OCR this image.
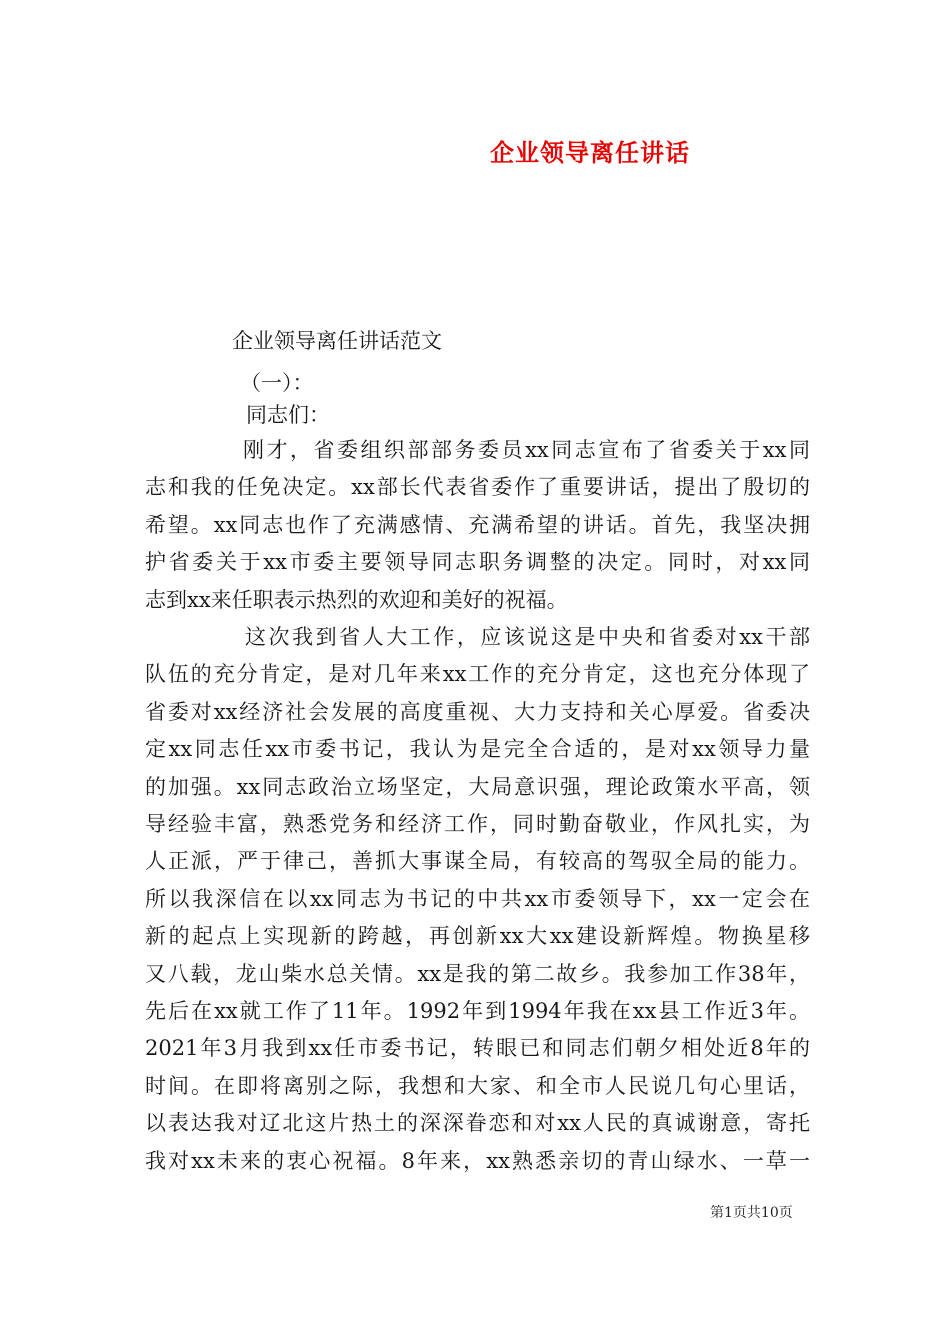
企业领导离任讲话
企业领导离任讲话范文
（一）：
同志们：
刚才，省委组织部部务委员xx同志宣布了省委关于xx同
志和我的任免决定。xx部长代表省委作了重要讲话，提出了殷切的
希望。xx同志也作了充满感情、充满希望的讲话。首先，我坚决拥
护省委关于xx市委主要领导同志职务调整的决定。同时，对xx同
志到xx来任职表示热烈的欢迎和美好的祝福。
这次我到省人大工作，应该说这是中央和省委对xx干部
队伍的充分肯定，是对几年来xx工作的充分肯定，这也充分体现了
省委对xx经济社会发展的高度重视、大力支持和关心厚爱。省委决
定xx同志任xx市委书记，我认为是完全合适的，是对xx领导力量
的加强。xx同志政治立场坚定，大局意识强，理论政策水平高，领
导经验丰富，熟悉党务和经济工作，同时勤奋敬业，作风扎实，为
人正派，严于律己，善抓大事谋全局，有较高的驾驭全局的能力。
所以我深信在以xx同志为书记的中共xx市委领导下，xx一定会在
新的起点上实现新的跨越，再创新xx大xx建设新辉煌。物换星移
又八载，龙山柴水总关情。xx是我的第二故乡。我参加工作38年，
先后在xx就工作了11年。1992年到1994年我在xx县工作近3年。
2021年3月我到xx任市委书记，转眼已和同志们朝夕相处近8年的
时间。在即将离别之际，我想和大家、和全市人民说几句心里话，
以表达我对辽北这片热土的深深眷恋和对xx人民的真诚谢意，寄托
我对xx未来的衷心祝福。8年来，xx熟悉亲切的青山绿水、一草一
第1页共10页
